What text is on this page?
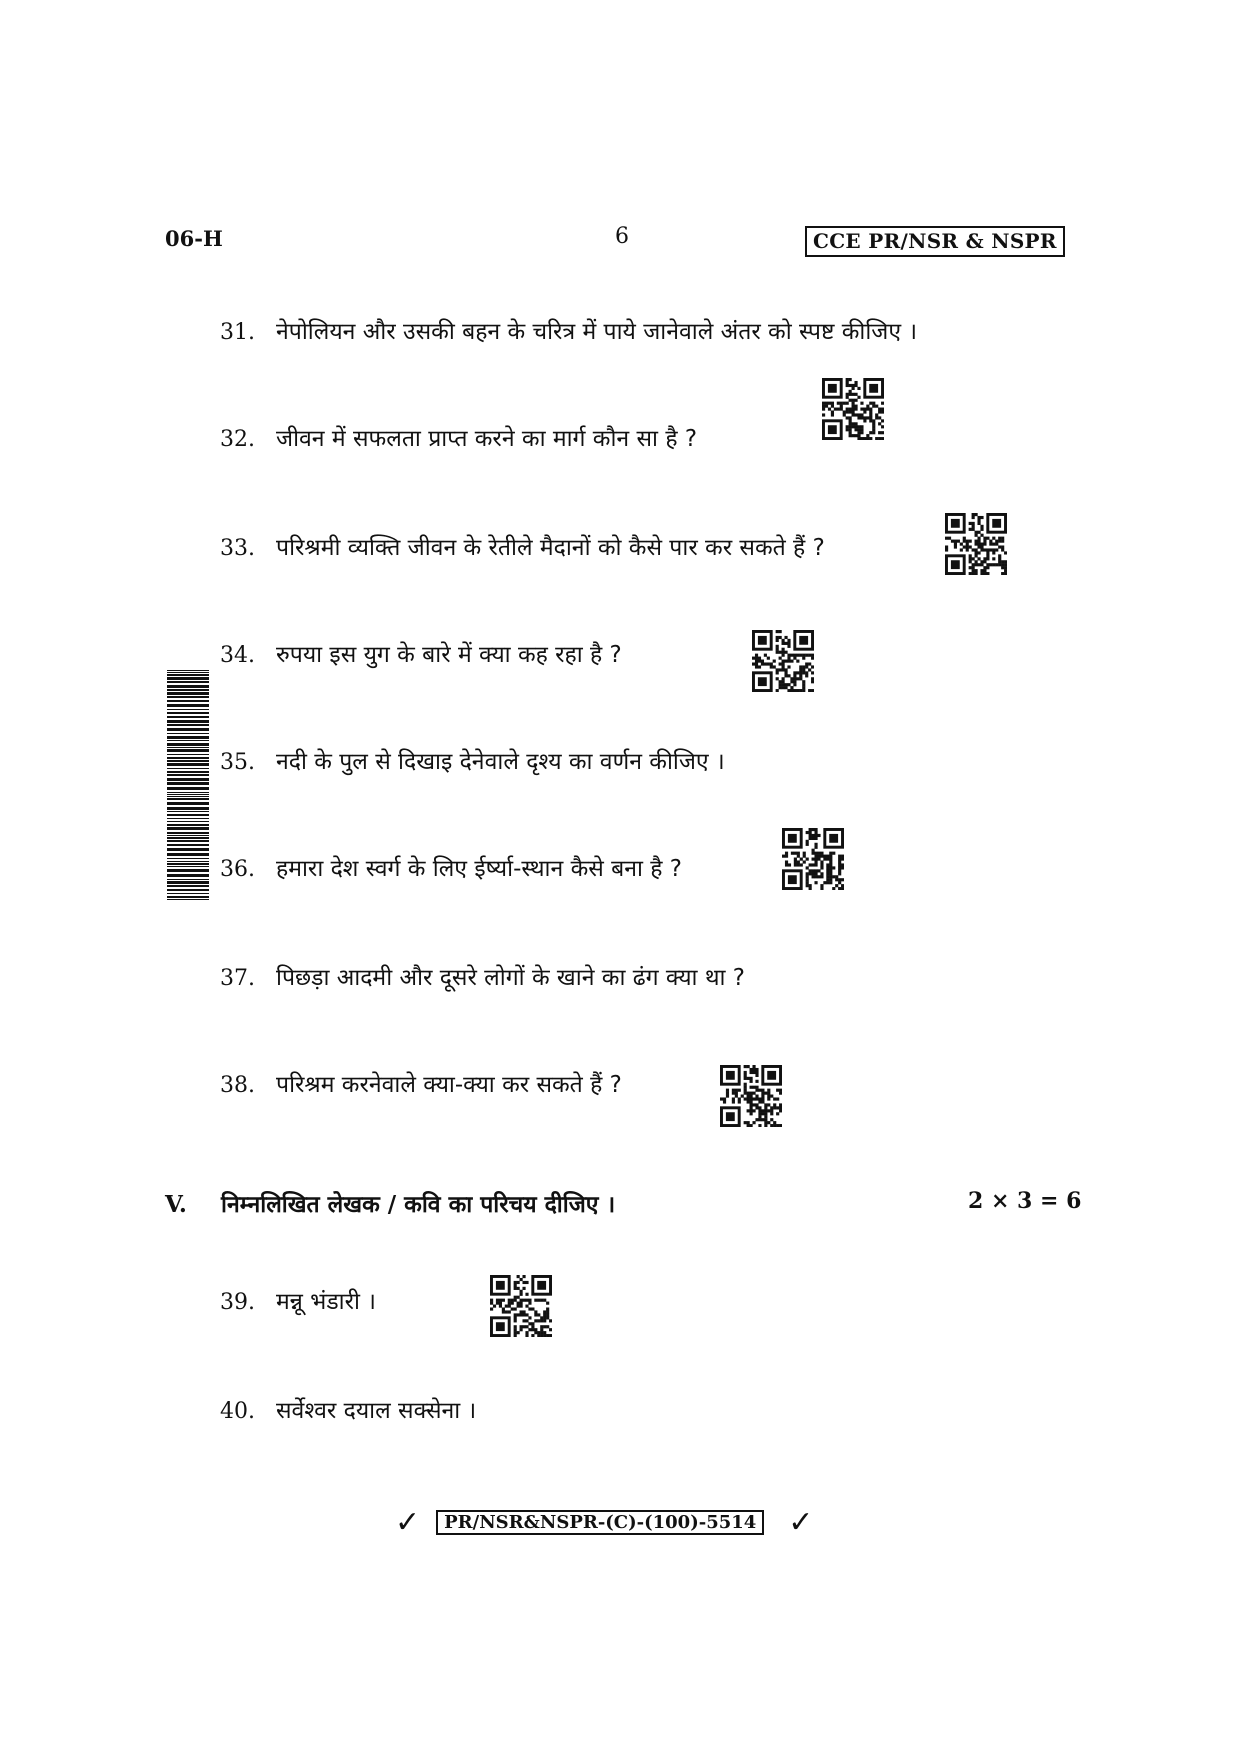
06-H	6	CCE PR/NSR & NSPR
31. नेपोलियन और उसकी बहन के चरित्र में पाये जानेवाले अंतर को स्पष्ट कीजिए ।
32. जीवन में सफलता प्राप्त करने का मार्ग कौन सा है ?
33. परिश्रमी व्यक्ति जीवन के रेतीले मैदानों को कैसे पार कर सकते हैं ?
34. रुपया इस युग के बारे में क्या कह रहा है ?
35. नदी के पुल से दिखाइ देनेवाले दृश्य का वर्णन कीजिए ।
36. हमारा देश स्वर्ग के लिए ईर्ष्या-स्थान कैसे बना है ?
37. पिछड़ा आदमी और दूसरे लोगों के खाने का ढंग क्या था ?
38. परिश्रम करनेवाले क्या-क्या कर सकते हैं ?
V. निम्नलिखित लेखक / कवि का परिचय दीजिए ।	2 × 3 = 6
39. मन्नू भंडारी ।
40. सर्वेश्वर दयाल सक्सेना ।
✓ PR/NSR&NSPR-(C)-(100)-5514 ✓
